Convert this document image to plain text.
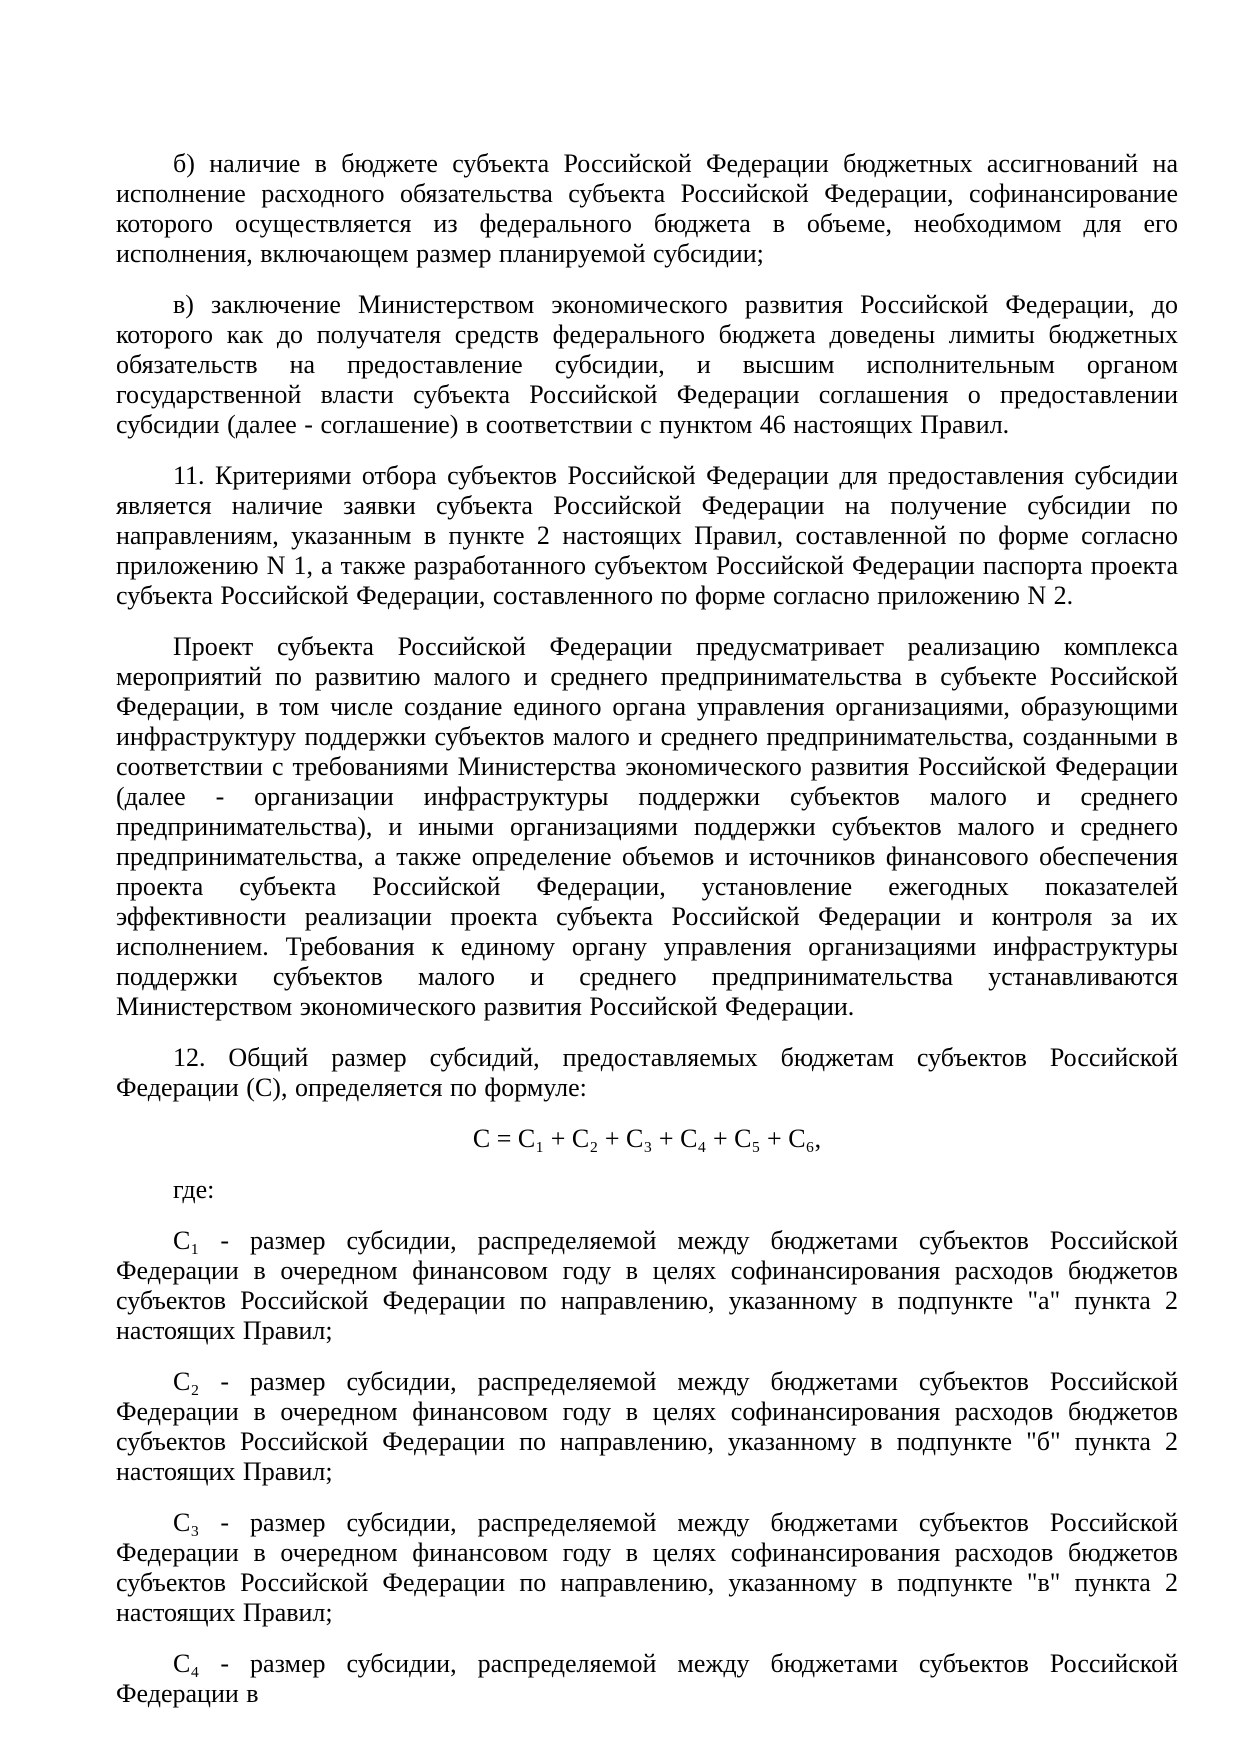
б) наличие в бюджете субъекта Российской Федерации бюджетных ассигнований на исполнение расходного обязательства субъекта Российской Федерации, софинансирование которого осуществляется из федерального бюджета в объеме, необходимом для его исполнения, включающем размер планируемой субсидии;

в) заключение Министерством экономического развития Российской Федерации, до которого как до получателя средств федерального бюджета доведены лимиты бюджетных обязательств на предоставление субсидии, и высшим исполнительным органом государственной власти субъекта Российской Федерации соглашения о предоставлении субсидии (далее - соглашение) в соответствии с пунктом 46 настоящих Правил.

11. Критериями отбора субъектов Российской Федерации для предоставления субсидии является наличие заявки субъекта Российской Федерации на получение субсидии по направлениям, указанным в пункте 2 настоящих Правил, составленной по форме согласно приложению N 1, а также разработанного субъектом Российской Федерации паспорта проекта субъекта Российской Федерации, составленного по форме согласно приложению N 2.

Проект субъекта Российской Федерации предусматривает реализацию комплекса мероприятий по развитию малого и среднего предпринимательства в субъекте Российской Федерации, в том числе создание единого органа управления организациями, образующими инфраструктуру поддержки субъектов малого и среднего предпринимательства, созданными в соответствии с требованиями Министерства экономического развития Российской Федерации (далее - организации инфраструктуры поддержки субъектов малого и среднего предпринимательства), и иными организациями поддержки субъектов малого и среднего предпринимательства, а также определение объемов и источников финансового обеспечения проекта субъекта Российской Федерации, установление ежегодных показателей эффективности реализации проекта субъекта Российской Федерации и контроля за их исполнением. Требования к единому органу управления организациями инфраструктуры поддержки субъектов малого и среднего предпринимательства устанавливаются Министерством экономического развития Российской Федерации.

12. Общий размер субсидий, предоставляемых бюджетам субъектов Российской Федерации (С), определяется по формуле:

С = С₁ + С₂ + С₃ + С₄ + С₅ + С₆,

где:

С₁ - размер субсидии, распределяемой между бюджетами субъектов Российской Федерации в очередном финансовом году в целях софинансирования расходов бюджетов субъектов Российской Федерации по направлению, указанному в подпункте "а" пункта 2 настоящих Правил;

С₂ - размер субсидии, распределяемой между бюджетами субъектов Российской Федерации в очередном финансовом году в целях софинансирования расходов бюджетов субъектов Российской Федерации по направлению, указанному в подпункте "б" пункта 2 настоящих Правил;

С₃ - размер субсидии, распределяемой между бюджетами субъектов Российской Федерации в очередном финансовом году в целях софинансирования расходов бюджетов субъектов Российской Федерации по направлению, указанному в подпункте "в" пункта 2 настоящих Правил;

С₄ - размер субсидии, распределяемой между бюджетами субъектов Российской Федерации в
